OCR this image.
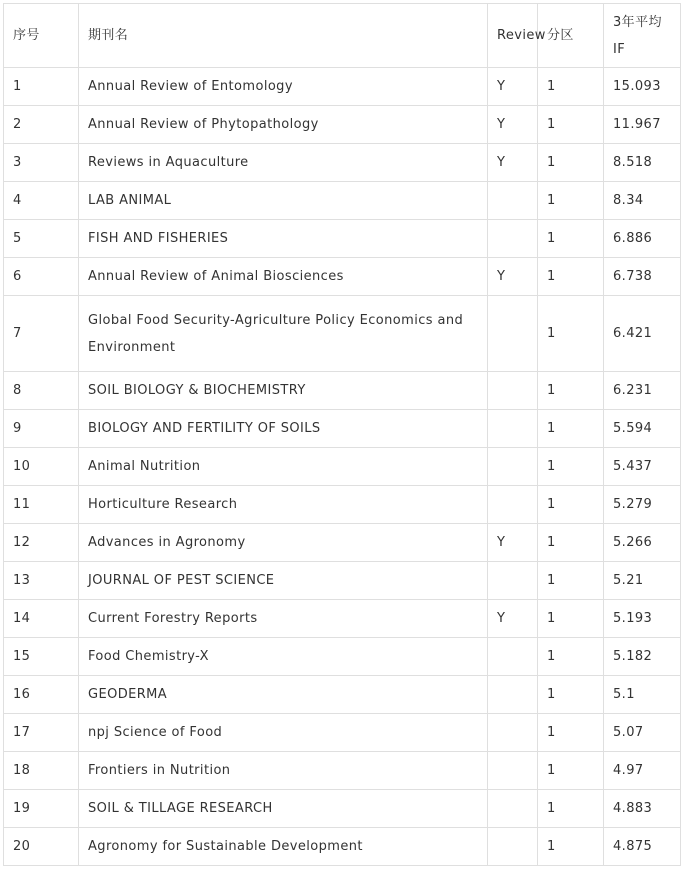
序号	期刊名	Review	分区	3年平均IF
1	Annual Review of Entomology	Y	1	15.093
2	Annual Review of Phytopathology	Y	1	11.967
3	Reviews in Aquaculture	Y	1	8.518
4	LAB ANIMAL		1	8.34
5	FISH AND FISHERIES		1	6.886
6	Annual Review of Animal Biosciences	Y	1	6.738
7	Global Food Security-Agriculture Policy Economics and Environment		1	6.421
8	SOIL BIOLOGY & BIOCHEMISTRY		1	6.231
9	BIOLOGY AND FERTILITY OF SOILS		1	5.594
10	Animal Nutrition		1	5.437
11	Horticulture Research		1	5.279
12	Advances in Agronomy	Y	1	5.266
13	JOURNAL OF PEST SCIENCE		1	5.21
14	Current Forestry Reports	Y	1	5.193
15	Food Chemistry-X		1	5.182
16	GEODERMA		1	5.1
17	npj Science of Food		1	5.07
18	Frontiers in Nutrition		1	4.97
19	SOIL & TILLAGE RESEARCH		1	4.883
20	Agronomy for Sustainable Development		1	4.875
